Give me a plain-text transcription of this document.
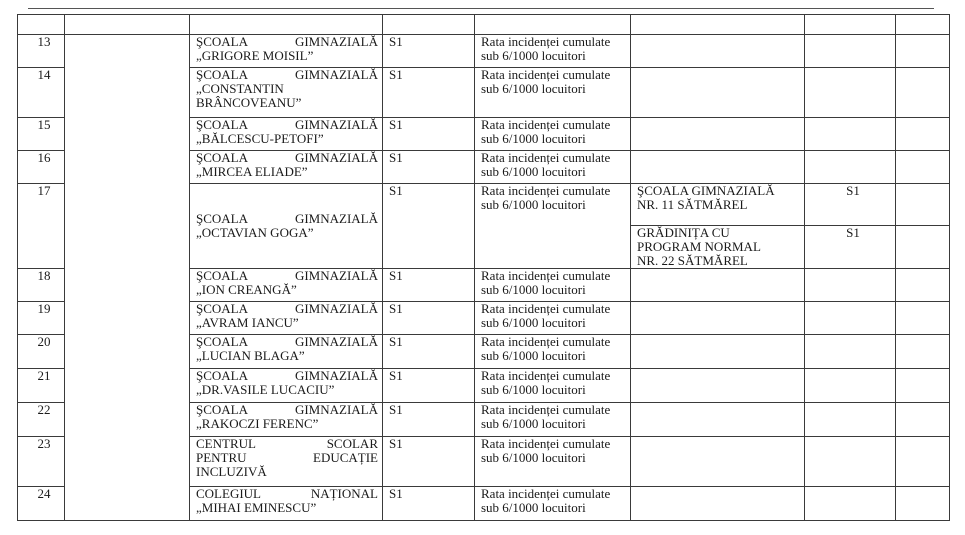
13		ŞCOALA GIMNAZIALĂ
„GRIGORE MOISIL”	S1	Rata incidenței cumulate sub 6/1000 locuitori			
14		ŞCOALA GIMNAZIALĂ
„CONSTANTIN
BRÂNCOVEANU”	S1	Rata incidenței cumulate sub 6/1000 locuitori			
15		ŞCOALA GIMNAZIALĂ
„BĂLCESCU-PETOFI”	S1	Rata incidenței cumulate sub 6/1000 locuitori			
16		ŞCOALA GIMNAZIALĂ
„MIRCEA ELIADE”	S1	Rata incidenței cumulate sub 6/1000 locuitori			
17		ŞCOALA GIMNAZIALĂ
„OCTAVIAN GOGA”	S1	Rata incidenței cumulate sub 6/1000 locuitori	ŞCOALA GIMNAZIALĂ
NR. 11 SĂTMĂREL	S1	
					GRĂDINIȚA CU
PROGRAM NORMAL
NR. 22 SĂTMĂREL	S1	
18		ŞCOALA GIMNAZIALĂ
„ION CREANGĂ”	S1	Rata incidenței cumulate sub 6/1000 locuitori			
19		ŞCOALA GIMNAZIALĂ
„AVRAM IANCU”	S1	Rata incidenței cumulate sub 6/1000 locuitori			
20		ŞCOALA GIMNAZIALĂ
„LUCIAN BLAGA”	S1	Rata incidenței cumulate sub 6/1000 locuitori			
21		ŞCOALA GIMNAZIALĂ
„DR.VASILE LUCACIU”	S1	Rata incidenței cumulate sub 6/1000 locuitori			
22		ŞCOALA GIMNAZIALĂ
„RAKOCZI FERENC”	S1	Rata incidenței cumulate sub 6/1000 locuitori			
23		CENTRUL SCOLAR
PENTRU EDUCAȚIE
INCLUZIVĂ	S1	Rata incidenței cumulate sub 6/1000 locuitori			
24		COLEGIUL NAȚIONAL
„MIHAI EMINESCU”	S1	Rata incidenței cumulate sub 6/1000 locuitori			
